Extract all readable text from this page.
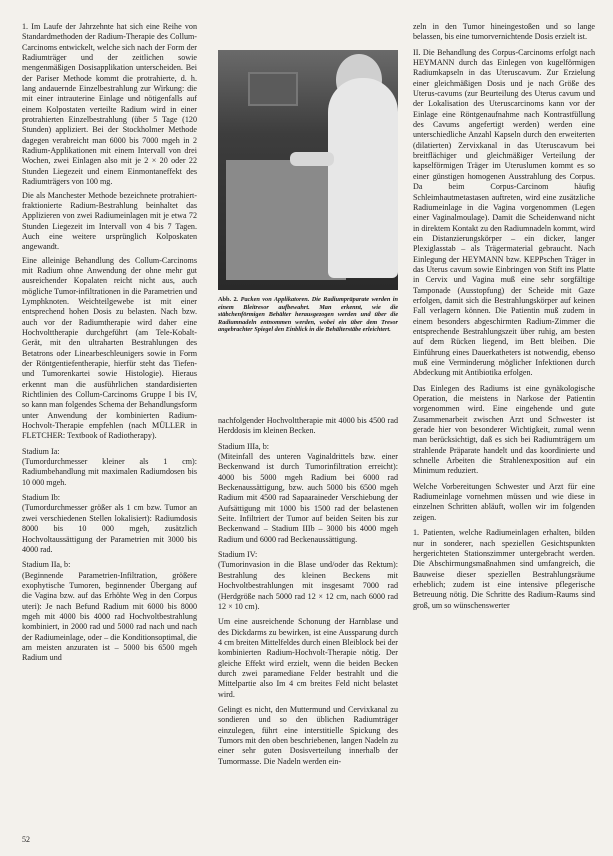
1. Im Laufe der Jahrzehnte hat sich eine Reihe von Standardmethoden der Radium-Therapie des Collum-Carcinoms entwickelt, welche sich nach der Form der Radiumträger und der zeitlichen sowie mengenmäßigen Dosisapplikation unterscheiden. Bei der Pariser Methode kommt die protrahierte, d. h. lang andauernde Einzelbestrahlung zur Wirkung: die mit einer intrauterine Einlage und nötigenfalls auf einem Kolpostaten verteilte Radium wird in einer protrahierten Einzelbestrahlung (über 5 Tage (120 Stunden) appliziert. Bei der Stockholmer Methode dagegen verabreicht man 6000 bis 7000 mgeh in 2 Radium-Applikationen mit einem Intervall von drei Wochen, zwei Einlagen also mit je 2 × 20 oder 22 Stunden Liegezeit und einem Einmontaneffekt des Radiumträgers von 100 mg.

Die als Manchester Methode bezeichnete protrahiert-fraktionierte Radium-Bestrahlung beinhaltet das Applizieren von zwei Radiumeinlagen mit je etwa 72 Stunden Liegezeit im Intervall von 4 bis 7 Tagen. Auch eine weitere ursprünglich Kolposkaten angewandt.

Eine alleinige Behandlung des Collum-Carcinoms mit Radium ohne Anwendung der ohne mehr gut ausreichender Kopalaten reicht nicht aus, auch mögliche Tumor-infiltrationen in die Parametrien und Lymphknoten. Weichteilgewebe ist mit einer entsprechend hohen Dosis zu belasten. Nach bzw. auch vor der Radiumtherapie wird daher eine Hochvolttherapie durchgeführt (am Tele-Kobalt-Gerät, mit den ultraharten Bestrahlungen des Betatrons oder Linearbeschleunigers sowie in Form der Röntgentiefentherapie, hierfür steht das Tiefen- und Tumorenkartei sowie Histologie). Hieraus erkennt man die ausführlichen standardisierten Richtlinien des Collum-Carcinoms Gruppe I bis IV, so kann man folgendes Schema der Behandlungsform unter Anwendung der kombinierten Radium-Hochvolt-Therapie empfehlen (nach MÜLLER in FLETCHER: Textbook of Radiotherapy).

Stadium Ia:
(Tumordurchmesser kleiner als 1 cm): Radiumbehandlung mit maximalen Radiumdosen bis 10 000 mgeh.

Stadium Ib:
(Tumordurchmesser größer als 1 cm bzw. Tumor an zwei verschiedenen Stellen lokalisiert): Radiumdosis 8000 bis 10 000 mgeh, zusätzlich Hochvoltaussättigung der Parametrien mit 3000 bis 4000 rad.

Stadium IIa, b:
(Beginnende Parametrien-Infiltration, größere exophytische Tumoren, beginnender Übergang auf die Vagina bzw. auf das Erhöhte Weg in den Corpus uteri): Je nach Befund Radium mit 6000 bis 8000 mgeh mit 4000 bis 4000 rad Hochvoltbestrahlung kombiniert, in 2000 rad und 5000 rad nach und nach der Radiumeinlage, oder – die Konditionsoptimal, die am meisten anzuraten ist – 5000 bis 6500 mgeh Radium und

Abb. 2. Packen von Applikatoren. Die Radiumpräparate werden in einem Bleitresor aufbewahrt. Man erkennt, wie die stäbchenförmigen Behälter herausgezogen werden und über die Radiumnadeln entnommen werden, wobei ein über dem Tresor angebrachter Spiegel den Einblick in die Behälterstäbe erleichtert.

nachfolgender Hochvolttherapie mit 4000 bis 4500 rad Herddosis im kleinen Becken.

Stadium IIIa, b:
(Miteinfall des unteren Vaginaldrittels bzw. einer Beckenwand ist durch Tumorinfiltration erreicht): 4000 bis 5000 mgeh Radium bei 6000 rad Beckenaussättigung, bzw. auch 5000 bis 6500 mgeh Radium mit 4500 rad Sapaaraineder Verschiebung der Aufsättigung mit 1000 bis 1500 rad der belastenen Seite. Infiltriert der Tumor auf beiden Seiten bis zur Beckenwand – Stadium IIIb – 3000 bis 4000 mgeh Radium und 6000 rad Beckenaussättigung.

Stadium IV:
(Tumorinvasion in die Blase und/oder das Rektum): Bestrahlung des kleinen Beckens mit Hochvoltbestrahlungen mit insgesamt 7000 rad (Herdgröße nach 5000 rad 12 × 12 cm, nach 6000 rad 12 × 10 cm).

Um eine ausreichende Schonung der Harnblase und des Dickdarms zu bewirken, ist eine Aussparung durch 4 cm breiten Mittelfeldes durch einen Bleiblock bei der kombinierten Radium-Hochvolt-Therapie nötig. Der gleiche Effekt wird erzielt, wenn die beiden Becken durch zwei paramediane Felder bestrahlt und die Mittelpartie also Im 4 cm breites Feld nicht belastet wird.

Gelingt es nicht, den Muttermund und Cervixkanal zu sondieren und so den üblichen Radiumträger einzulegen, führt eine interstitielle Spickung des Tumors mit den oben beschriebenen, langen Nadeln zu einer sehr guten Dosisverteilung innerhalb der Tumormasse. Die Nadeln werden ein-

zeln in den Tumor hineingestoßen und so lange belassen, bis eine tumorvernichtende Dosis erzielt ist.

II. Die Behandlung des Corpus-Carcinoms erfolgt nach HEYMANN durch das Einlegen von kugelförmigen Radiumkapseln in das Uteruscavum. Zur Erzielung einer gleichmäßigen Dosis und je nach Größe des Uterus-cavums (zur Beurteilung des Uterus cavum und der Lokalisation des Uteruscarcinoms kann vor der Einlage eine Röntgenaufnahme nach Kontrastfüllung des Cavums angefertigt werden) werden eine unterschiedliche Anzahl Kapseln durch den erweiterten (dilatierten) Zervixkanal in das Uteruscavum bei breitflächiger und gleichmäßiger Verteilung der kapselförmigen Träger im Uteruslumen kommt es so einer günstigen homogenen Ausstrahlung des Corpus. Da beim Corpus-Carcinom häufig Schleimhautmetastasen auftreten, wird eine zusätzliche Radiumeinlage in die Vagina vorgenommen (Legen einer Vaginalmoulage). Damit die Scheidenwand nicht in direktem Kontakt zu den Radiumnadeln kommt, wird ein Distanzierungskörper – ein dicker, langer Plexiglasstab – als Trägermaterial gebraucht. Nach Einlegung der HEYMANN bzw. KEPPschen Träger in das Uterus cavum sowie Einbringen von Stift ins Platte in Cervix und Vagina muß eine sehr sorgfältige Tamponade (Ausstopfung) der Scheide mit Gaze erfolgen, damit sich die Bestrahlungskörper auf keinen Fall verlagern können. Die Patientin muß zudem in einem besonders abgeschirmten Radium-Zimmer die entsprechende Bestrahlungszeit über ruhig, am besten auf dem Rücken liegend, im Bett bleiben. Die Einführung eines Dauerkatheters ist notwendig, ebenso muß eine Verminderung möglicher Infektionen durch Abdeckung mit Antibiotika erfolgen.

Das Einlegen des Radiums ist eine gynäkologische Operation, die meistens in Narkose der Patientin vorgenommen wird. Eine eingehende und gute Zusammenarbeit zwischen Arzt und Schwester ist gerade hier von besonderer Wichtigkeit, zumal wenn man berücksichtigt, daß es sich bei Radiumträgern um strahlende Präparate handelt und das koordinierte und schnelle Arbeiten die Strahlenexposition auf ein Minimum reduziert.

Welche Vorbereitungen Schwester und Arzt für eine Radiumeinlage vornehmen müssen und wie diese in einzelnen Schritten abläuft, wollen wir im folgenden zeigen.

1. Patienten, welche Radiumeinlagen erhalten, bilden nur in sonderer, nach speziellen Gesichtspunkten hergerichteten Stationszimmer untergebracht werden. Die Abschirmungsmaßnahmen sind umfangreich, die Bauweise dieser speziellen Bestrahlungsräume erheblich; zudem ist eine intensive pflegerische Betreuung nötig. Die Schritte des Radium-Raums sind groß, um so wünschenswerter

52
